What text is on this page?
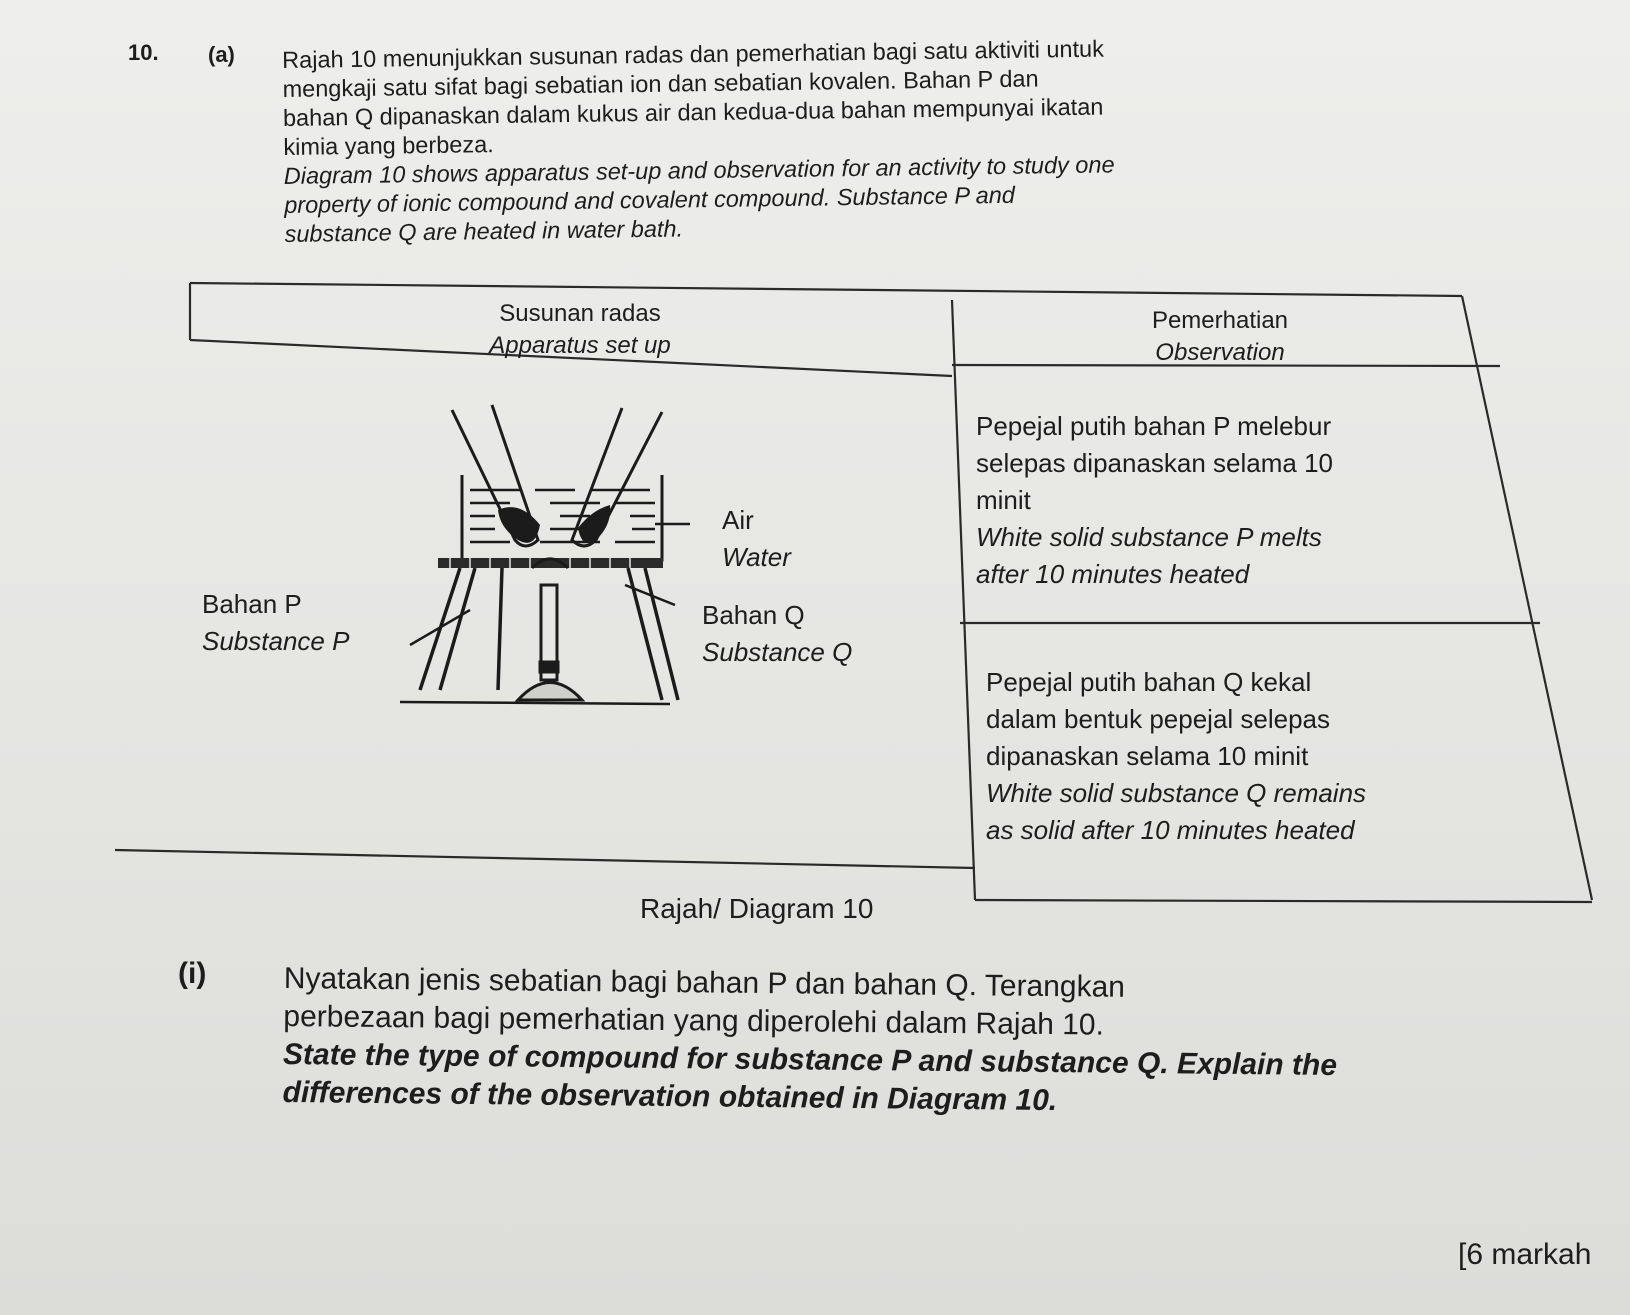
10. (a) Rajah 10 menunjukkan susunan radas dan pemerhatian bagi satu aktiviti untuk
mengkaji satu sifat bagi sebatian ion dan sebatian kovalen. Bahan P dan
bahan Q dipanaskan dalam kukus air dan kedua-dua bahan mempunyai ikatan
kimia yang berbeza.
Diagram 10 shows apparatus set-up and observation for an activity to study one
property of ionic compound and covalent compound. Substance P and
substance Q are heated in water bath.
Susunan radas
Apparatus set up
Pemerhatian
Observation
Pepejal putih bahan P melebur
selepas dipanaskan selama 10
minit
White solid substance P melts
after 10 minutes heated
Pepejal putih bahan Q kekal
dalam bentuk pepejal selepas
dipanaskan selama 10 minit
White solid substance Q remains
as solid after 10 minutes heated
Air
Water
Bahan P
Substance P
Bahan Q
Substance Q
Rajah/ Diagram 10
(i)	Nyatakan jenis sebatian bagi bahan P dan bahan Q. Terangkan
perbezaan bagi pemerhatian yang diperolehi dalam Rajah 10.
State the type of compound for substance P and substance Q. Explain the
differences of the observation obtained in Diagram 10.
[6 markah
